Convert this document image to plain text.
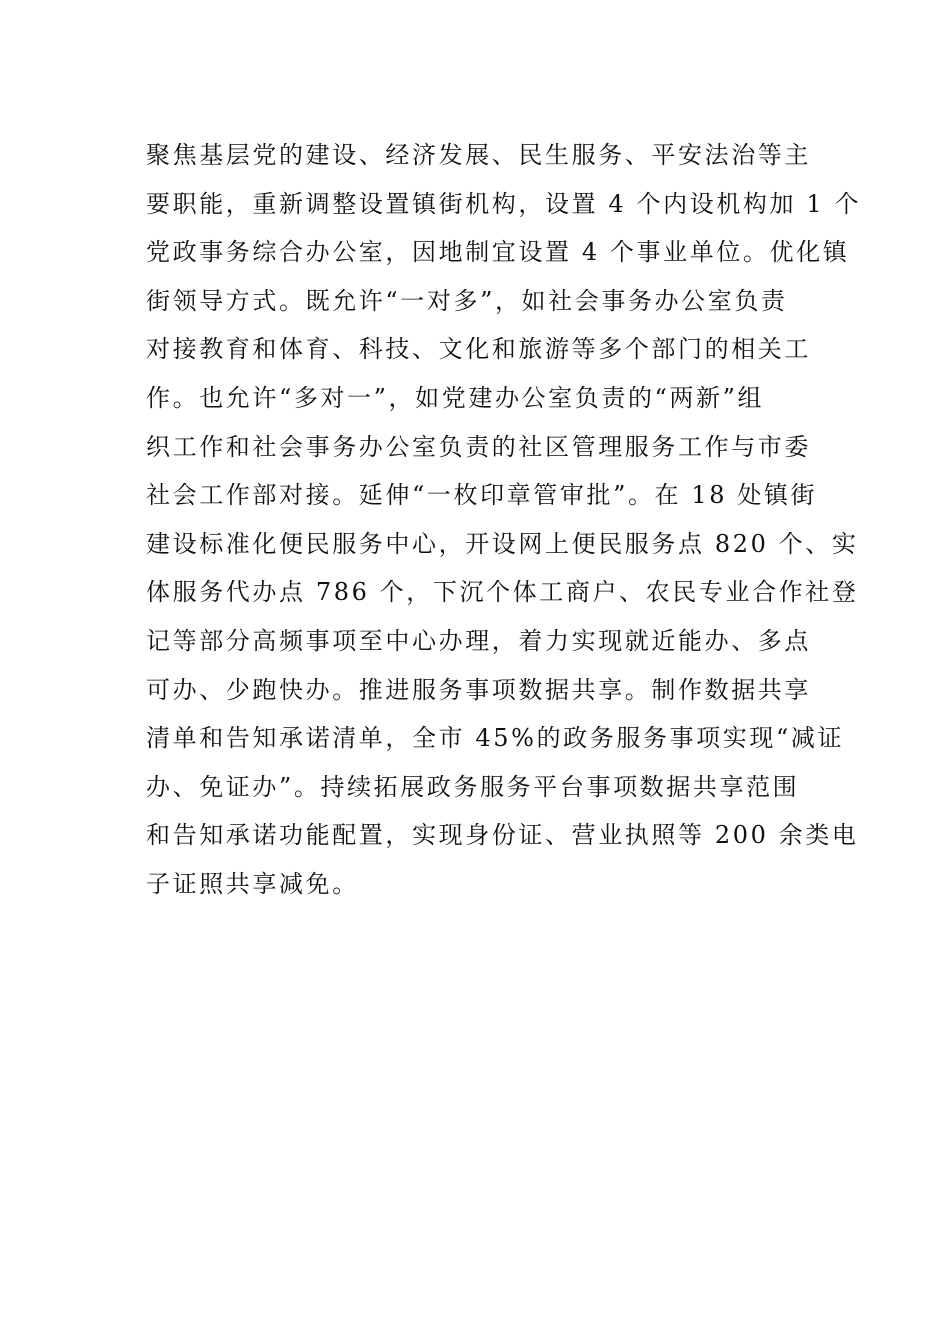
聚焦基层党的建设、经济发展、民生服务、平安法治等主
要职能，重新调整设置镇街机构，设置 4 个内设机构加 1 个
党政事务综合办公室，因地制宜设置 4 个事业单位。优化镇
街领导方式。既允许“一对多”，如社会事务办公室负责
对接教育和体育、科技、文化和旅游等多个部门的相关工
作。也允许“多对一”，如党建办公室负责的“两新”组
织工作和社会事务办公室负责的社区管理服务工作与市委
社会工作部对接。延伸“一枚印章管审批”。在 18 处镇街
建设标准化便民服务中心，开设网上便民服务点 820 个、实
体服务代办点 786 个，下沉个体工商户、农民专业合作社登
记等部分高频事项至中心办理，着力实现就近能办、多点
可办、少跑快办。推进服务事项数据共享。制作数据共享
清单和告知承诺清单，全市 45%的政务服务事项实现“减证
办、免证办”。持续拓展政务服务平台事项数据共享范围
和告知承诺功能配置，实现身份证、营业执照等 200 余类电
子证照共享减免。
